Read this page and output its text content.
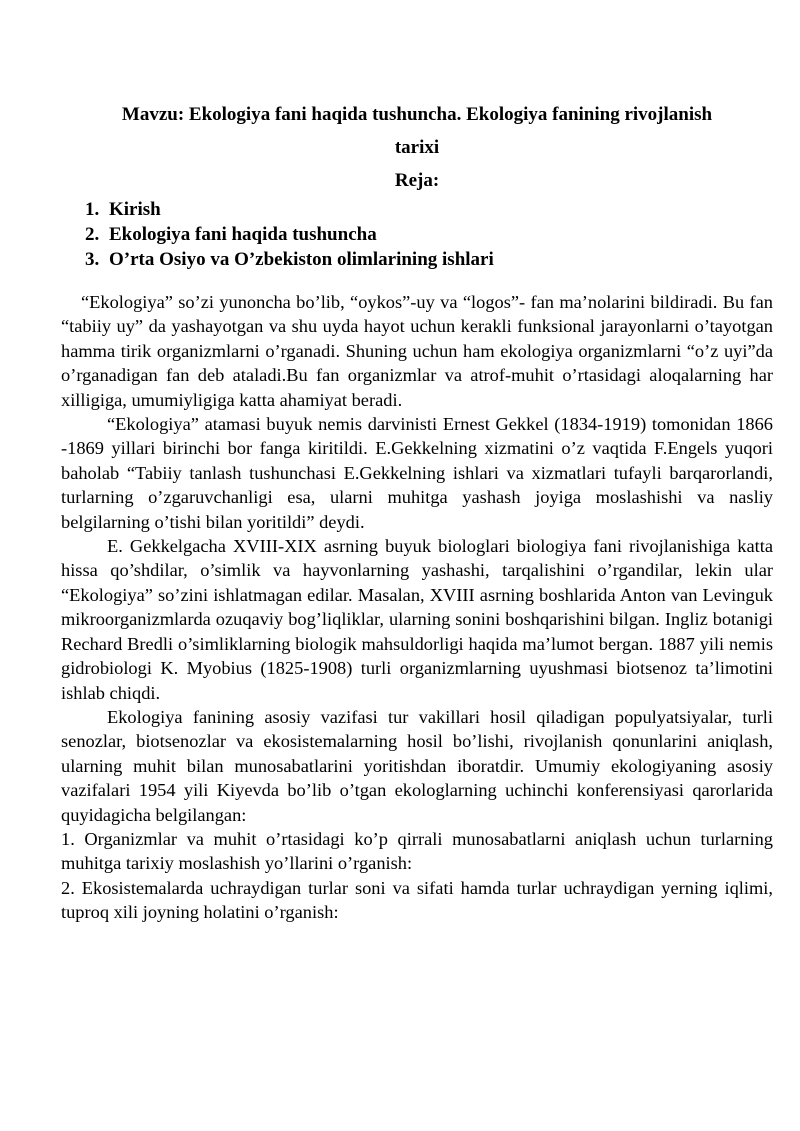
Mavzu: Ekologiya fani haqida tushuncha. Ekologiya fanining rivojlanish
tarixi

Reja:

1. Kirish
2. Ekologiya fani haqida tushuncha
3. O’rta Osiyo va O’zbekiston olimlarining ishlari

“Ekologiya” so’zi yunoncha bo’lib, “oykos”-uy va “logos”- fan ma’nolarini bildiradi. Bu fan “tabiiy uy” da yashayotgan va shu uyda hayot uchun kerakli funksional jarayonlarni o’tayotgan hamma tirik organizmlarni o’rganadi. Shuning uchun ham ekologiya organizmlarni “o’z uyi”da o’rganadigan fan deb ataladi.Bu fan organizmlar va atrof-muhit o’rtasidagi aloqalarning har xilligiga, umumiyligiga katta ahamiyat beradi.

“Ekologiya” atamasi buyuk nemis darvinisti Ernest Gekkel (1834-1919) tomonidan 1866 -1869 yillari birinchi bor fanga kiritildi. E.Gekkelning xizmatini o’z vaqtida F.Engels yuqori baholab “Tabiiy tanlash tushunchasi E.Gekkelning ishlari va xizmatlari tufayli barqarorlandi, turlarning o’zgaruvchanligi esa, ularni muhitga yashash joyiga moslashishi va nasliy belgilarning o’tishi bilan yoritildi” deydi.

E. Gekkelgacha XVIII-XIX asrning buyuk biologlari biologiya fani rivojlanishiga katta hissa qo’shdilar, o’simlik va hayvonlarning yashashi, tarqalishini o’rgandilar, lekin ular “Ekologiya” so’zini ishlatmagan edilar. Masalan, XVIII asrning boshlarida Anton van Levinguk mikroorganizmlarda ozuqaviy bog’liqliklar, ularning sonini boshqarishini bilgan. Ingliz botanigi Rechard Bredli o’simliklarning biologik mahsuldorligi haqida ma’lumot bergan. 1887 yili nemis gidrobiologi K. Myobius (1825-1908) turli organizmlarning uyushmasi biotsenoz ta’limotini ishlab chiqdi.

Ekologiya fanining asosiy vazifasi tur vakillari hosil qiladigan populyatsiyalar, turli senozlar, biotsenozlar va ekosistemalarning hosil bo’lishi, rivojlanish qonunlarini aniqlash, ularning muhit bilan munosabatlarini yoritishdan iboratdir. Umumiy ekologiyaning asosiy vazifalari 1954 yili Kiyevda bo’lib o’tgan ekologlarning uchinchi konferensiyasi qarorlarida quyidagicha belgilangan:

1. Organizmlar va muhit o’rtasidagi ko’p qirrali munosabatlarni aniqlash uchun turlarning muhitga tarixiy moslashish yo’llarini o’rganish:

2. Ekosistemalarda uchraydigan turlar soni va sifati hamda turlar uchraydigan yerning iqlimi, tuproq xili joyning holatini o’rganish:
